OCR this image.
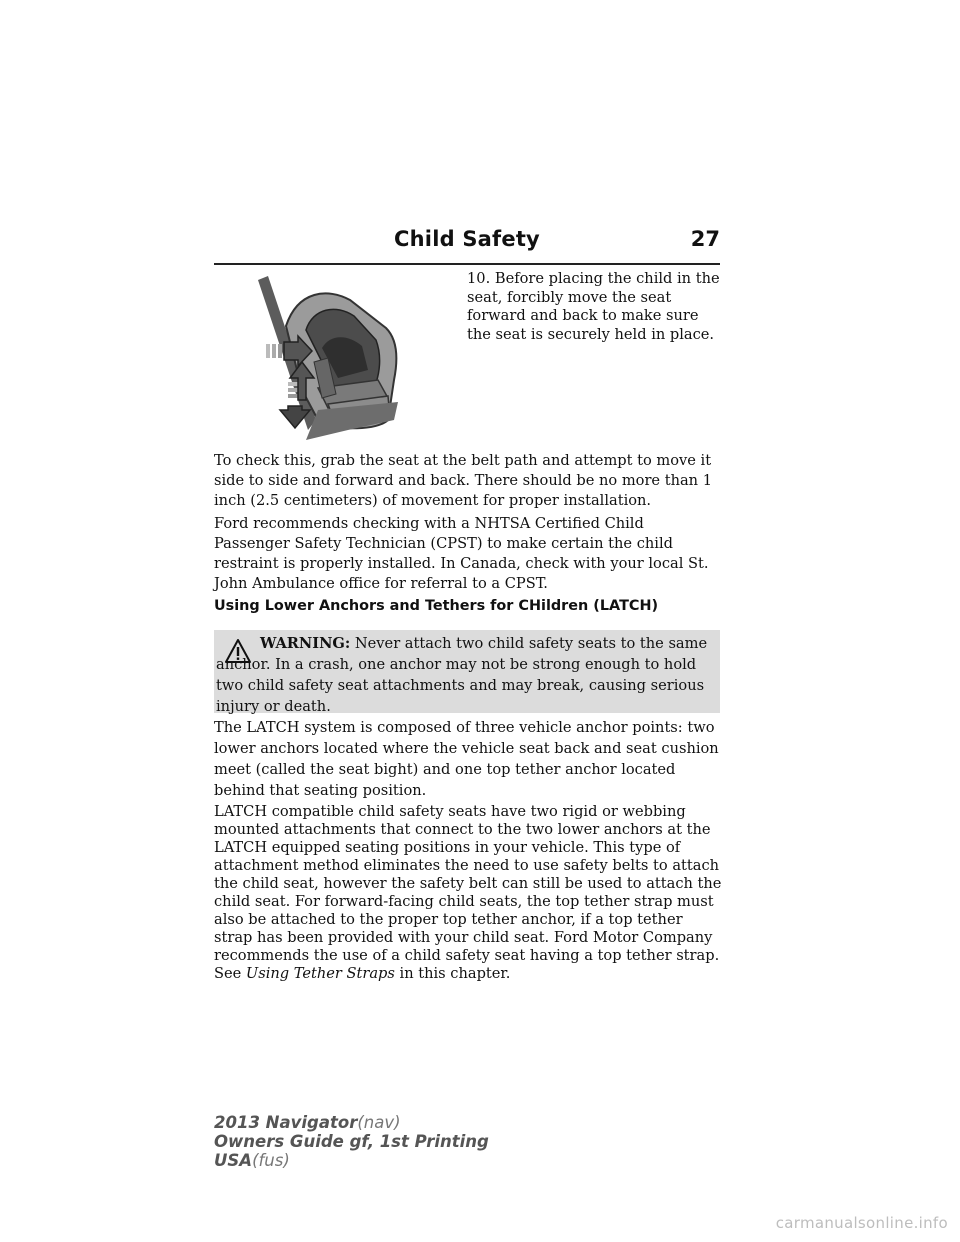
Child Safety	27
10. Before placing the child in the seat, forcibly move the seat forward and back to make sure the seat is securely held in place.

To check this, grab the seat at the belt path and attempt to move it side to side and forward and back. There should be no more than 1 inch (2.5 centimeters) of movement for proper installation.

Ford recommends checking with a NHTSA Certified Child Passenger Safety Technician (CPST) to make certain the child restraint is properly installed. In Canada, check with your local St. John Ambulance office for referral to a CPST.

Using Lower Anchors and Tethers for CHildren (LATCH)
WARNING: Never attach two child safety seats to the same anchor. In a crash, one anchor may not be strong enough to hold two child safety seat attachments and may break, causing serious injury or death.

The LATCH system is composed of three vehicle anchor points: two lower anchors located where the vehicle seat back and seat cushion meet (called the seat bight) and one top tether anchor located behind that seating position.

LATCH compatible child safety seats have two rigid or webbing mounted attachments that connect to the two lower anchors at the LATCH equipped seating positions in your vehicle. This type of attachment method eliminates the need to use safety belts to attach the child seat, however the safety belt can still be used to attach the child seat. For forward-facing child seats, the top tether strap must also be attached to the proper top tether anchor, if a top tether strap has been provided with your child seat. Ford Motor Company recommends the use of a child safety seat having a top tether strap. See Using Tether Straps in this chapter.

2013 Navigator(nav)
Owners Guide gf, 1st Printing
USA(fus)
carmanualsonline.info
